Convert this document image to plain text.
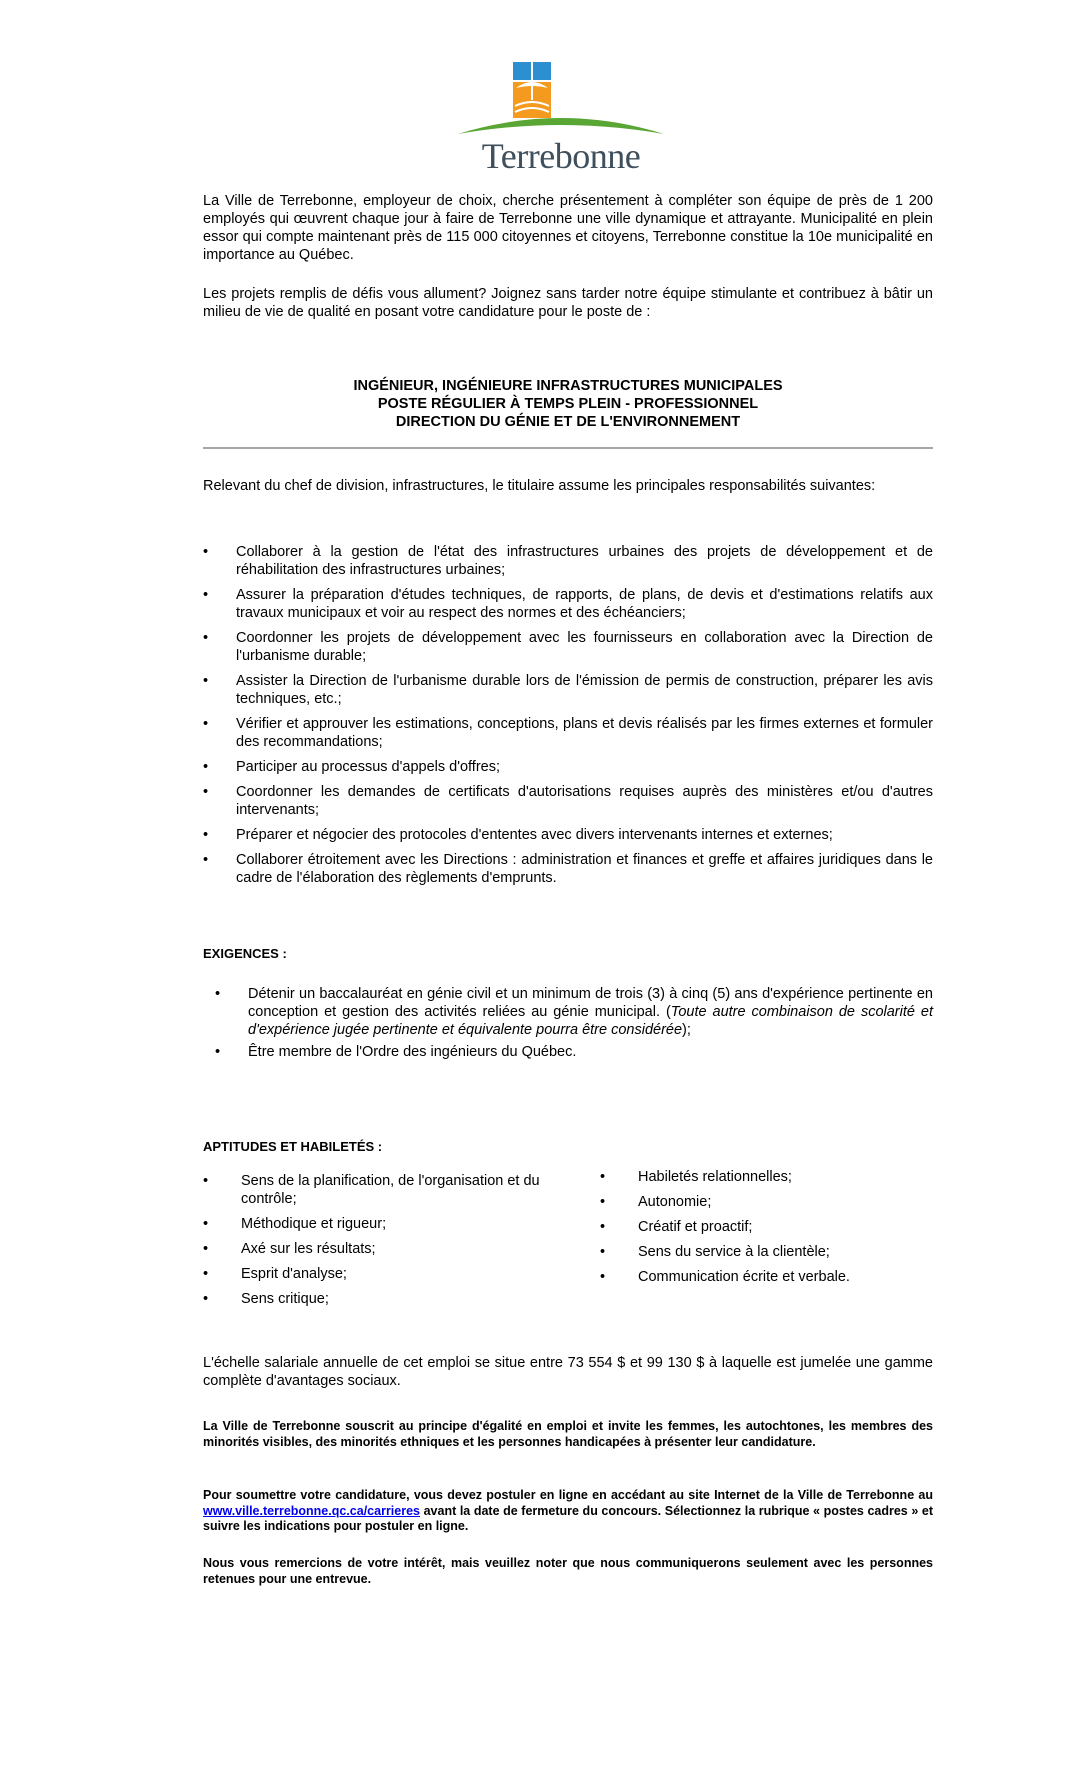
Terrebonne

La Ville de Terrebonne, employeur de choix, cherche présentement à compléter son équipe de près de 1 200 employés qui œuvrent chaque jour à faire de Terrebonne une ville dynamique et attrayante. Municipalité en plein essor qui compte maintenant près de 115 000 citoyennes et citoyens, Terrebonne constitue la 10e municipalité en importance au Québec.

Les projets remplis de défis vous allument? Joignez sans tarder notre équipe stimulante et contribuez à bâtir un milieu de vie de qualité en posant votre candidature pour le poste de :

INGÉNIEUR, INGÉNIEURE INFRASTRUCTURES MUNICIPALES
POSTE RÉGULIER À TEMPS PLEIN - PROFESSIONNEL
DIRECTION DU GÉNIE ET DE L'ENVIRONNEMENT

Relevant du chef de division, infrastructures, le titulaire assume les principales responsabilités suivantes:

• Collaborer à la gestion de l'état des infrastructures urbaines des projets de développement et de réhabilitation des infrastructures urbaines;
• Assurer la préparation d'études techniques, de rapports, de plans, de devis et d'estimations relatifs aux travaux municipaux et voir au respect des normes et des échéanciers;
• Coordonner les projets de développement avec les fournisseurs en collaboration avec la Direction de l'urbanisme durable;
• Assister la Direction de l'urbanisme durable lors de l'émission de permis de construction, préparer les avis techniques, etc.;
• Vérifier et approuver les estimations, conceptions, plans et devis réalisés par les firmes externes et formuler des recommandations;
• Participer au processus d'appels d'offres;
• Coordonner les demandes de certificats d'autorisations requises auprès des ministères et/ou d'autres intervenants;
• Préparer et négocier des protocoles d'ententes avec divers intervenants internes et externes;
• Collaborer étroitement avec les Directions : administration et finances et greffe et affaires juridiques dans le cadre de l'élaboration des règlements d'emprunts.

EXIGENCES :

• Détenir un baccalauréat en génie civil et un minimum de trois (3) à cinq (5) ans d'expérience pertinente en conception et gestion des activités reliées au génie municipal. (Toute autre combinaison de scolarité et d'expérience jugée pertinente et équivalente pourra être considérée);
• Être membre de l'Ordre des ingénieurs du Québec.

APTITUDES ET HABILETÉS :

• Sens de la planification, de l'organisation et du contrôle;
• Méthodique et rigueur;
• Axé sur les résultats;
• Esprit d'analyse;
• Sens critique;
• Habiletés relationnelles;
• Autonomie;
• Créatif et proactif;
• Sens du service à la clientèle;
• Communication écrite et verbale.

L'échelle salariale annuelle de cet emploi se situe entre 73 554 $ et 99 130 $ à laquelle est jumelée une gamme complète d'avantages sociaux.

La Ville de Terrebonne souscrit au principe d'égalité en emploi et invite les femmes, les autochtones, les membres des minorités visibles, des minorités ethniques et les personnes handicapées à présenter leur candidature.

Pour soumettre votre candidature, vous devez postuler en ligne en accédant au site Internet de la Ville de Terrebonne au www.ville.terrebonne.qc.ca/carrieres avant la date de fermeture du concours. Sélectionnez la rubrique « postes cadres » et suivre les indications pour postuler en ligne.

Nous vous remercions de votre intérêt, mais veuillez noter que nous communiquerons seulement avec les personnes retenues pour une entrevue.
